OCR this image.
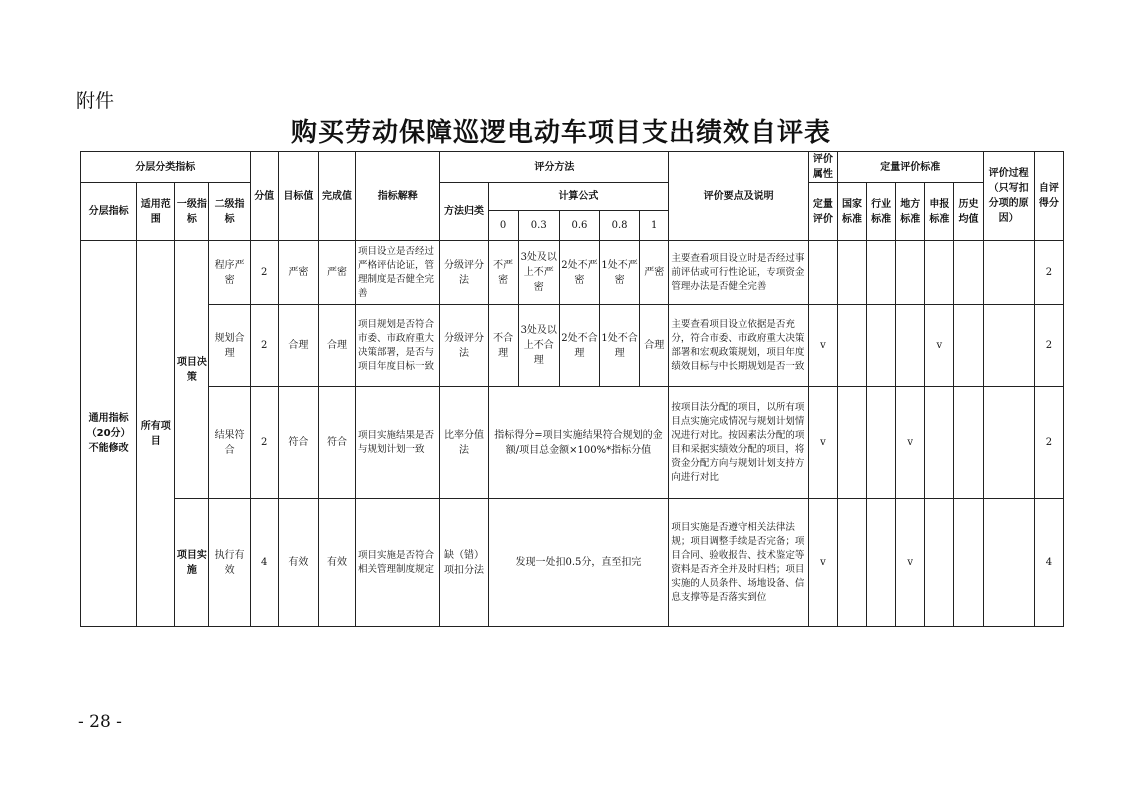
附件
购买劳动保障巡逻电动车项目支出绩效自评表
分层分类指标				分值	目标值	完成值	指标解释	评分方法						评价要点及说明	评价属性	定量评价标准					评价过程（只写扣分项的原因）	自评得分
分层指标	适用范围	一级指标	二级指标					方法归类	计算公式						定量评价	国家标准	行业标准	地方标准	申报标准	历史均值		
									0	0.3	0.6	0.8	1									
通用指标（20分）不能修改	所有项目	项目决策	程序严密	2	严密	严密	项目设立是否经过严格评估论证，管理制度是否健全完善	分级评分法	不严密	3处及以上不严密	2处不严密	1处不严密	严密	主要查看项目设立时是否经过事前评估或可行性论证，专项资金管理办法是否健全完善								2
			规划合理	2	合理	合理	项目规划是否符合市委、市政府重大决策部署，是否与项目年度目标一致	分级评分法	不合理	3处及以上不合理	2处不合理	1处不合理	合理	主要查看项目设立依据是否充分，符合市委、市政府重大决策部署和宏观政策规划，项目年度绩效目标与中长期规划是否一致	v				v			2
			结果符合	2	符合	符合	项目实施结果是否与规划计划一致	比率分值法	指标得分=项目实施结果符合规划的金额/项目总金额×100%*指标分值					按项目法分配的项目，以所有项目点实施完成情况与规划计划情况进行对比。按因素法分配的项目和采据实绩效分配的项目，将资金分配方向与规划计划支持方向进行对比	v			v				2
		项目实施	执行有效	4	有效	有效	项目实施是否符合相关管理制度规定	缺（错）项扣分法	发现一处扣0.5分，直至扣完					项目实施是否遵守相关法律法规；项目调整手续是否完备；项目合同、验收报告、技术鉴定等资料是否齐全并及时归档；项目实施的人员条件、场地设备、信息支撑等是否落实到位	v			v				4
- 28 -
